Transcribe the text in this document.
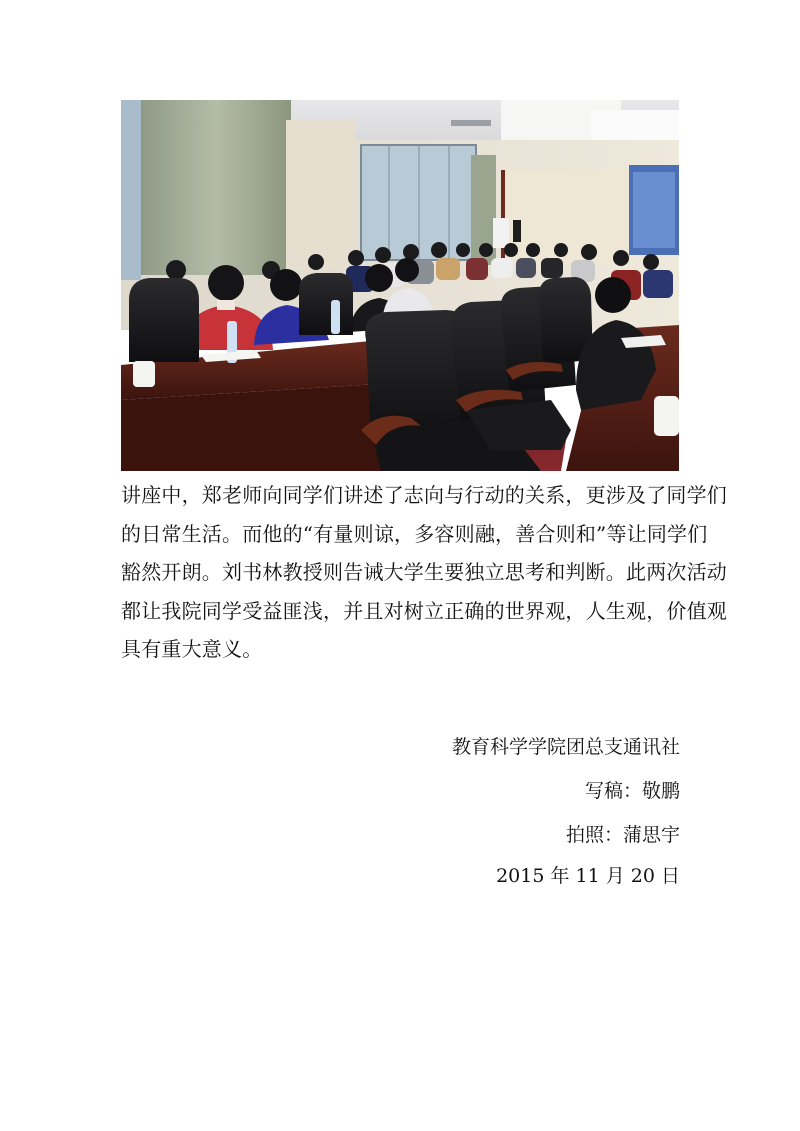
讲座中，郑老师向同学们讲述了志向与行动的关系，更涉及了同学们
的日常生活。而他的“有量则谅，多容则融，善合则和”等让同学们
豁然开朗。刘书林教授则告诫大学生要独立思考和判断。此两次活动
都让我院同学受益匪浅，并且对树立正确的世界观，人生观，价值观
具有重大意义。
教育科学学院团总支通讯社
写稿：敬鹏
拍照：蒲思宇
2015 年 11 月 20 日
